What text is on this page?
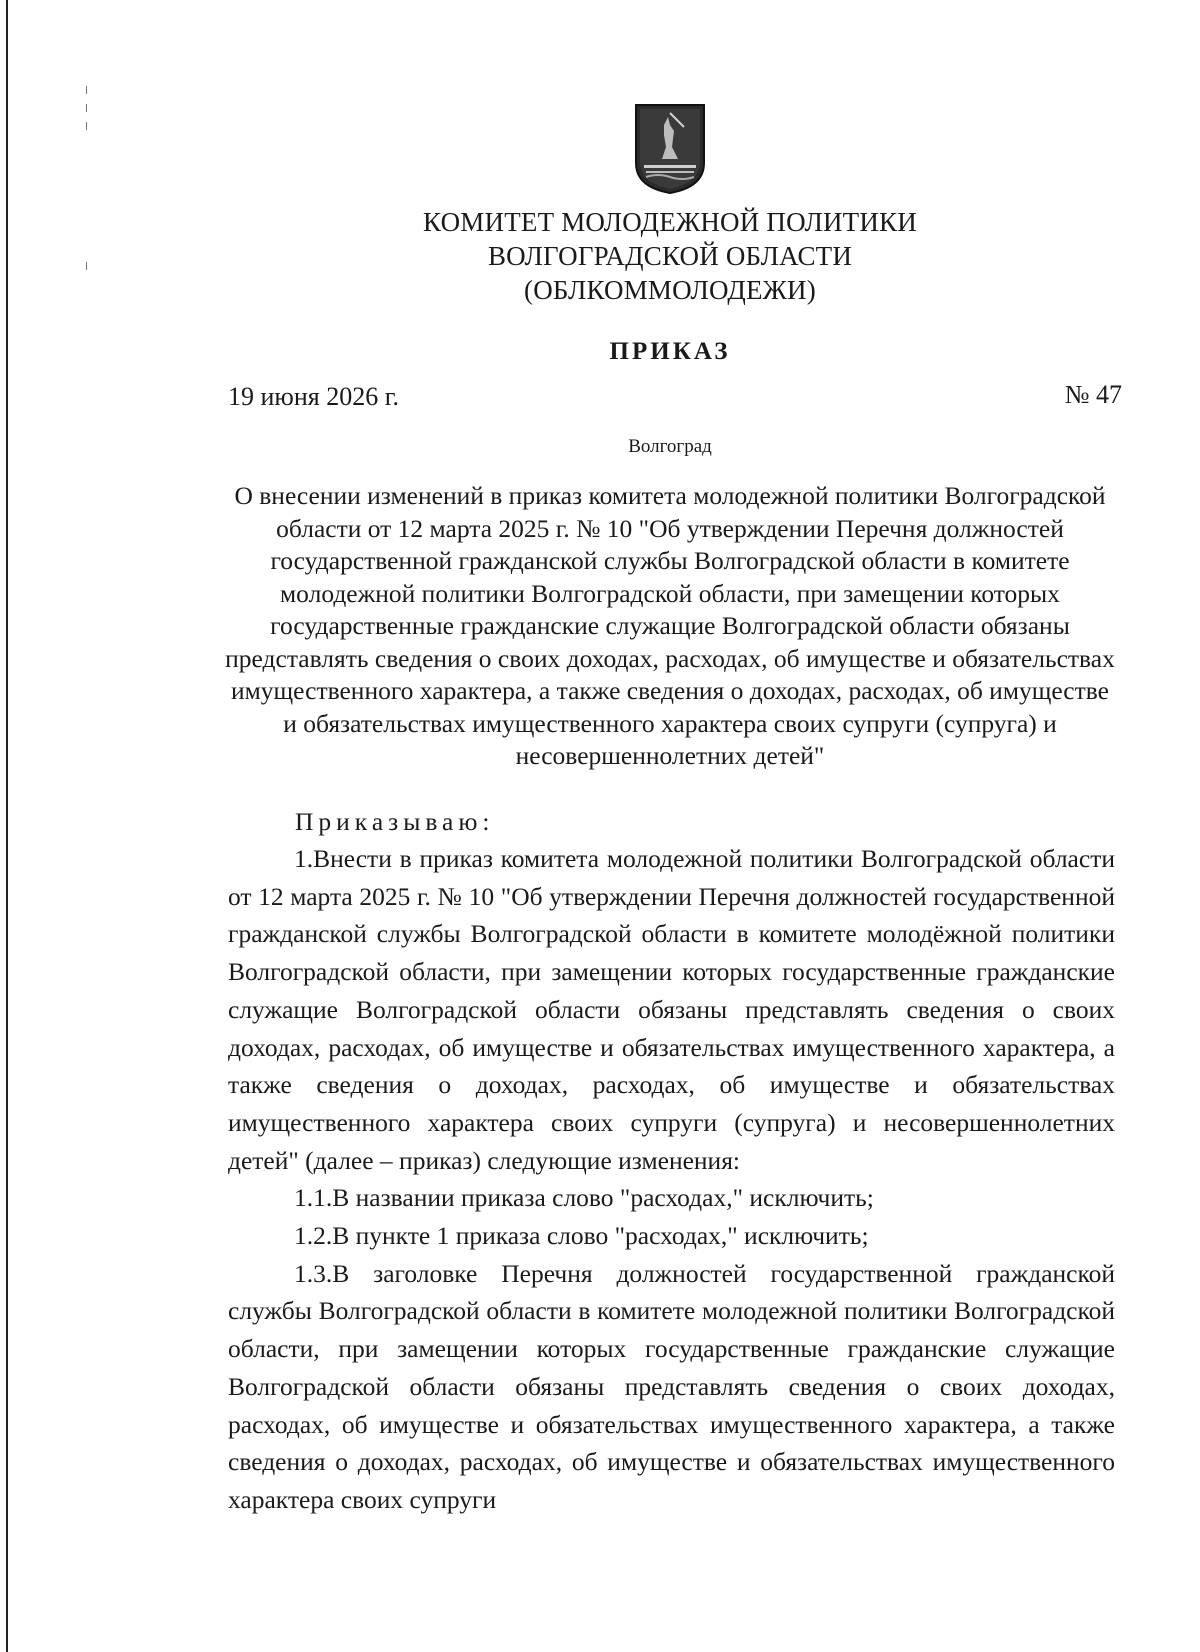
КОМИТЕТ МОЛОДЕЖНОЙ ПОЛИТИКИ
ВОЛГОГРАДСКОЙ ОБЛАСТИ
(ОБЛКОММОЛОДЕЖИ)
ПРИКАЗ
19 июня 2026 г.	№ 47
Волгоград
О внесении изменений в приказ комитета молодежной политики Волгоградской области от 12 марта 2025 г. № 10 "Об утверждении Перечня должностей государственной гражданской службы Волгоградской области в комитете молодежной политики Волгоградской области, при замещении которых государственные гражданские служащие Волгоградской области обязаны представлять сведения о своих доходах, расходах, об имуществе и обязательствах имущественного характера, а также сведения о доходах, расходах, об имуществе и обязательствах имущественного характера своих супруги (супруга) и несовершеннолетних детей"
Приказываю:

1.Внести в приказ комитета молодежной политики Волгоградской области от 12 марта 2025 г. № 10 "Об утверждении Перечня должностей государственной гражданской службы Волгоградской области в комитете молодёжной политики Волгоградской области, при замещении которых государственные гражданские служащие Волгоградской области обязаны представлять сведения о своих доходах, расходах, об имуществе и обязательствах имущественного характера, а также сведения о доходах, расходах, об имуществе и обязательствах имущественного характера своих супруги (супруга) и несовершеннолетних детей" (далее – приказ) следующие изменения:

1.1.В названии приказа слово "расходах," исключить;

1.2.В пункте 1 приказа слово "расходах," исключить;

1.3.В заголовке Перечня должностей государственной гражданской службы Волгоградской области в комитете молодежной политики Волгоградской области, при замещении которых государственные гражданские служащие Волгоградской области обязаны представлять сведения о своих доходах, расходах, об имуществе и обязательствах имущественного характера, а также сведения о доходах, расходах, об имуществе и обязательствах имущественного характера своих супруги
